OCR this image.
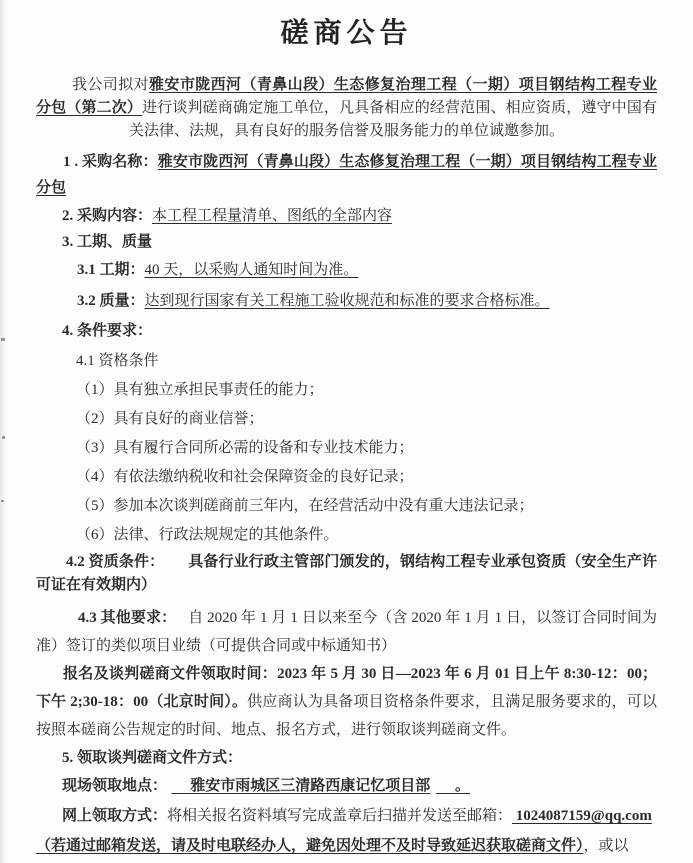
磋商公告

我公司拟对雅安市陇西河（青鼻山段）生态修复治理工程（一期）项目钢结构工程专业分包（第二次）进行谈判磋商确定施工单位，凡具备相应的经营范围、相应资质，遵守中国有关法律、法规，具有良好的服务信誉及服务能力的单位诚邀参加。

1 . 采购名称：雅安市陇西河（青鼻山段）生态修复治理工程（一期）项目钢结构工程专业分包

2. 采购内容：本工程工程量清单、图纸的全部内容

3. 工期、质量

3.1 工期：40 天，以采购人通知时间为准。

3.2 质量：达到现行国家有关工程施工验收规范和标准的要求合格标准。

4. 条件要求：

4.1 资格条件

（1）具有独立承担民事责任的能力；

（2）具有良好的商业信誉；

（3）具有履行合同所必需的设备和专业技术能力；

（4）有依法缴纳税收和社会保障资金的良好记录；

（5）参加本次谈判磋商前三年内，在经营活动中没有重大违法记录；

（6）法律、行政法规规定的其他条件。

4.2 资质条件： 具备行业行政主管部门颁发的，钢结构工程专业承包资质（安全生产许可证在有效期内）

4.3 其他要求： 自 2020 年 1 月 1 日以来至今（含 2020 年 1 月 1 日，以签订合同时间为准）签订的类似项目业绩（可提供合同或中标通知书）

报名及谈判磋商文件领取时间：2023 年 5 月 30 日—2023 年 6 月 01 日上午 8:30-12：00；下午 2;30-18：00（北京时间）。供应商认为具备项目资格条件要求，且满足服务要求的，可以按照本磋商公告规定的时间、地点、报名方式，进行领取谈判磋商文件。

5. 领取谈判磋商文件方式：

现场领取地点：　 雅安市雨城区三清路西康记忆项目部　 。

网上领取方式：将相关报名资料填写完成盖章后扫描并发送至邮箱： 1024087159@qq.com

（若通过邮箱发送，请及时电联经办人，避免因处理不及时导致延迟获取磋商文件），或以
